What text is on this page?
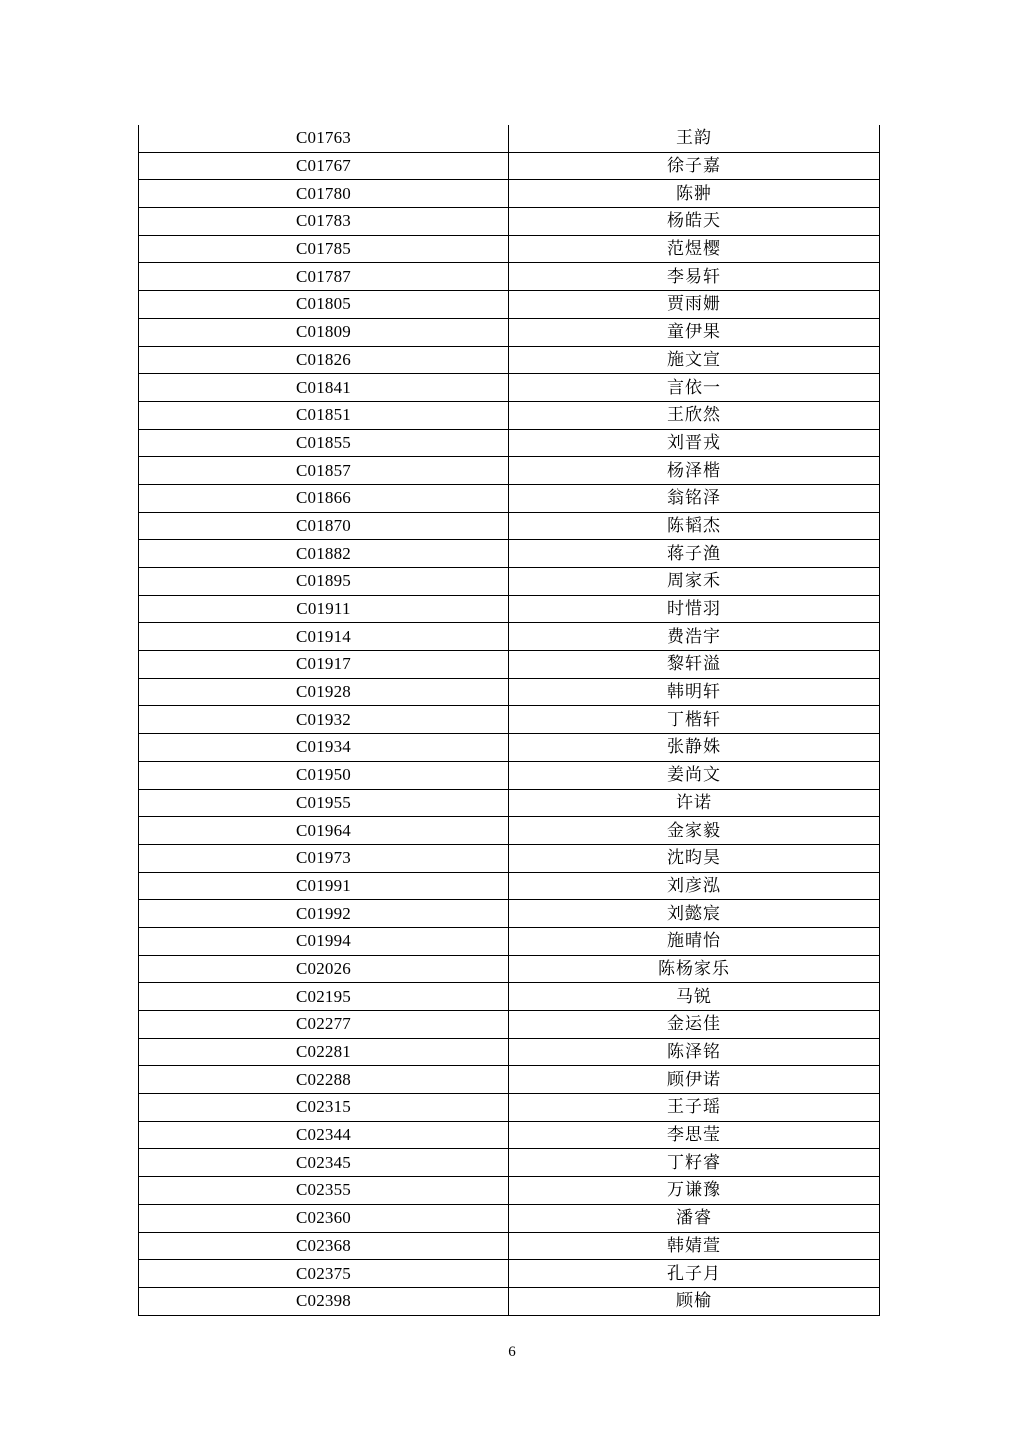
C01763	王韵
C01767	徐子嘉
C01780	陈翀
C01783	杨皓天
C01785	范煜樱
C01787	李易轩
C01805	贾雨姗
C01809	童伊果
C01826	施文宣
C01841	言依一
C01851	王欣然
C01855	刘晋戎
C01857	杨泽楷
C01866	翁铭泽
C01870	陈韬杰
C01882	蒋子渔
C01895	周家禾
C01911	时惜羽
C01914	费浩宇
C01917	黎轩溢
C01928	韩明轩
C01932	丁楷轩
C01934	张静姝
C01950	姜尚文
C01955	许诺
C01964	金家毅
C01973	沈昀昊
C01991	刘彦泓
C01992	刘懿宸
C01994	施晴怡
C02026	陈杨家乐
C02195	马锐
C02277	金运佳
C02281	陈泽铭
C02288	顾伊诺
C02315	王子瑶
C02344	李思莹
C02345	丁籽睿
C02355	万谦豫
C02360	潘睿
C02368	韩婧萱
C02375	孔子月
C02398	顾榆
6
